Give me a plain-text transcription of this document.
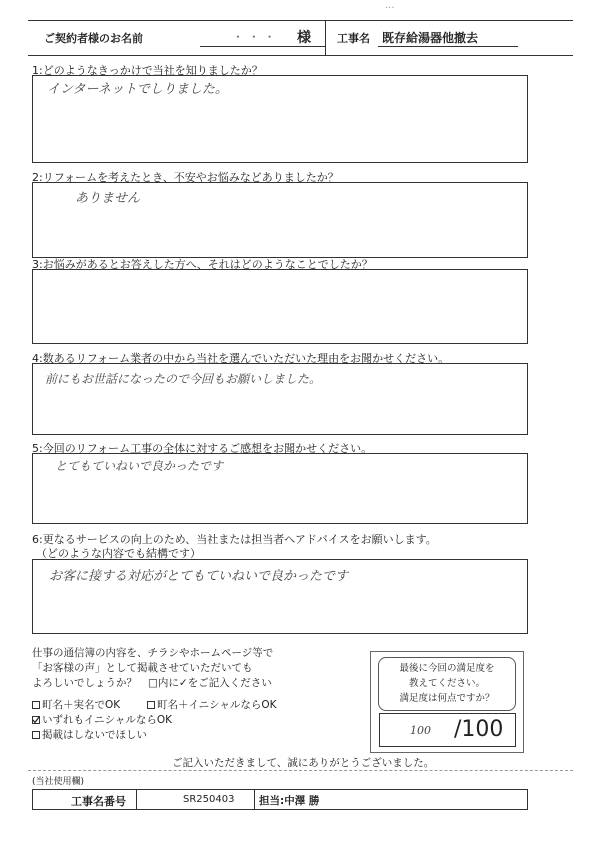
...
ご契約者様のお名前	・ ・ ・ 様 工事名 既存給湯器他撤去
1:どのようなきっかけで当社を知りましたか？
インターネットでしりました。
2:リフォームを考えたとき、不安やお悩みなどありましたか？
ありません
3:お悩みがあるとお答えした方へ、それはどのようなことでしたか？
4:数あるリフォーム業者の中から当社を選んでいただいた理由をお聞かせください。
前にもお世話になったので今回もお願いしました。
5:今回のリフォーム工事の全体に対するご感想をお聞かせください。
とてもていねいで良かったです
6:更なるサービスの向上のため、当社または担当者へアドバイスをお願いします。
（どのような内容でも結構です）
お客に接する対応がとてもていねいで良かったです
仕事の通信簿の内容を、チラシやホームページ等で
「お客様の声」として掲載させていただいても
よろしいでしょうか？ □内に✓をご記入ください
町名＋実名でOK	町名＋イニシャルならOK
いずれもイニシャルならOK
掲載はしないでほしい
最後に今回の満足度を
教えてください。
満足度は何点ですか？
100 /100
ご記入いただきまして、誠にありがとうございました。
(当社使用欄)
工事名番号	SR250403 担当:中澤 勝
